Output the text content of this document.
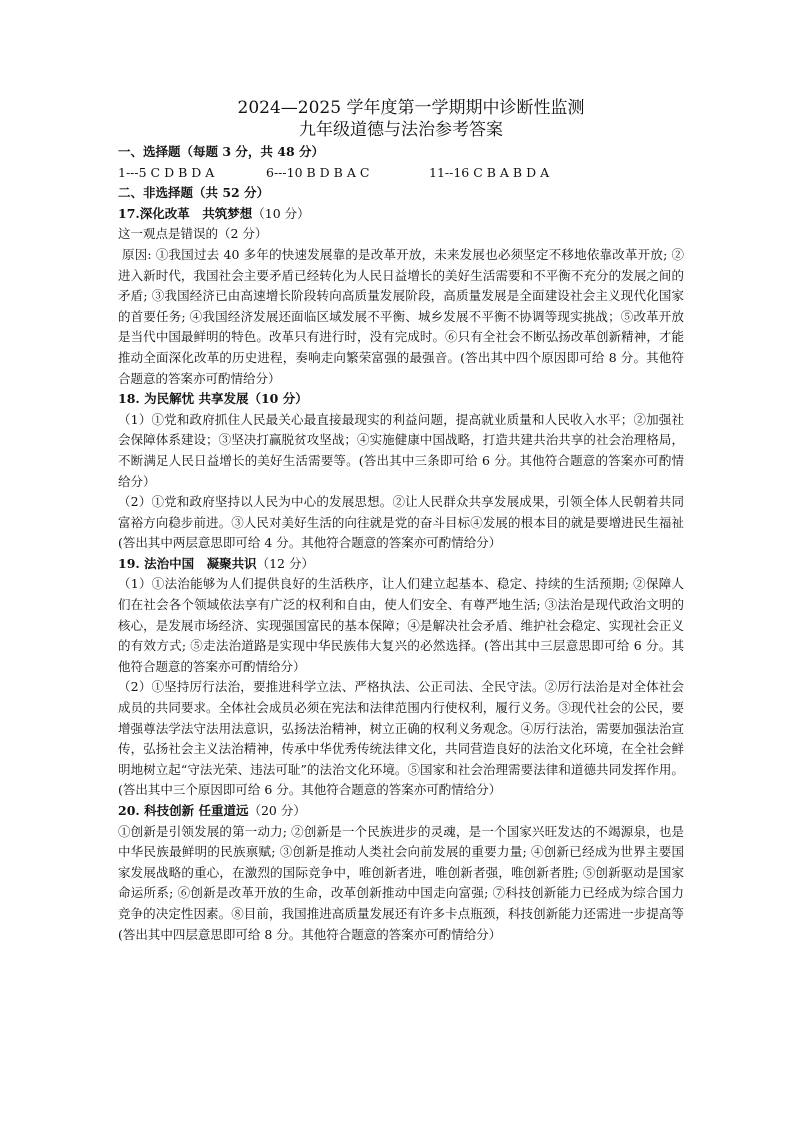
2024—2025 学年度第一学期期中诊断性监测

九年级道德与法治参考答案

一、选择题（每题 3 分，共 48 分）

1---5 C D B D A	6---10 B D B A C	11--16 C B A B D A

二、非选择题（共 52 分）

17.深化改革　共筑梦想（10 分）

这一观点是错误的（2 分）

原因: ①我国过去 40 多年的快速发展靠的是改革开放，未来发展也必须坚定不移地依靠改革开放; ②进入新时代，我国社会主要矛盾已经转化为人民日益增长的美好生活需要和不平衡不充分的发展之间的矛盾; ③我国经济已由高速增长阶段转向高质量发展阶段，高质量发展是全面建设社会主义现代化国家的首要任务; ④我国经济发展还面临区域发展不平衡、城乡发展不平衡不协调等现实挑战；⑤改革开放是当代中国最鲜明的特色。改革只有进行时，没有完成时。⑥只有全社会不断弘扬改革创新精神，才能推动全面深化改革的历史进程，奏响走向繁荣富强的最强音。(答出其中四个原因即可给 8 分。其他符合题意的答案亦可酌情给分）

18. 为民解忧 共享发展（10 分）

（1）①党和政府抓住人民最关心最直接最现实的利益问题，提高就业质量和人民收入水平；②加强社会保障体系建设；③坚决打赢脱贫攻坚战；④实施健康中国战略，打造共建共治共享的社会治理格局，不断满足人民日益增长的美好生活需要等。(答出其中三条即可给 6 分。其他符合题意的答案亦可酌情给分）

（2）①党和政府坚持以人民为中心的发展思想。②让人民群众共享发展成果，引领全体人民朝着共同富裕方向稳步前进。③人民对美好生活的向往就是党的奋斗目标④发展的根本目的就是要增进民生福祉(答出其中两层意思即可给 4 分。其他符合题意的答案亦可酌情给分）

19. 法治中国　凝聚共识（12 分）

（1）①法治能够为人们提供良好的生活秩序，让人们建立起基本、稳定、持续的生活预期; ②保障人们在社会各个领域依法享有广泛的权利和自由，使人们安全、有尊严地生活; ③法治是现代政治文明的核心，是发展市场经济、实现强国富民的基本保障；④是解决社会矛盾、维护社会稳定、实现社会正义的有效方式; ⑤走法治道路是实现中华民族伟大复兴的必然选择。(答出其中三层意思即可给 6 分。其他符合题意的答案亦可酌情给分）

（2）①坚持厉行法治，要推进科学立法、严格执法、公正司法、全民守法。②厉行法治是对全体社会成员的共同要求。全体社会成员必须在宪法和法律范围内行使权利，履行义务。③现代社会的公民，要增强尊法学法守法用法意识，弘扬法治精神，树立正确的权利义务观念。④厉行法治，需要加强法治宣传，弘扬社会主义法治精神，传承中华优秀传统法律文化，共同营造良好的法治文化环境，在全社会鲜明地树立起“守法光荣、违法可耻”的法治文化环境。⑤国家和社会治理需要法律和道德共同发挥作用。(答出其中三个原因即可给 6 分。其他符合题意的答案亦可酌情给分）

20. 科技创新 任重道远（20 分）

①创新是引领发展的第一动力; ②创新是一个民族进步的灵魂，是一个国家兴旺发达的不竭源泉，也是中华民族最鲜明的民族禀赋; ③创新是推动人类社会向前发展的重要力量; ④创新已经成为世界主要国家发展战略的重心，在激烈的国际竞争中，唯创新者进，唯创新者强，唯创新者胜; ⑤创新驱动是国家命运所系; ⑥创新是改革开放的生命，改革创新推动中国走向富强; ⑦科技创新能力已经成为综合国力竞争的决定性因素。⑧目前，我国推进高质量发展还有许多卡点瓶颈，科技创新能力还需进一步提高等(答出其中四层意思即可给 8 分。其他符合题意的答案亦可酌情给分）
